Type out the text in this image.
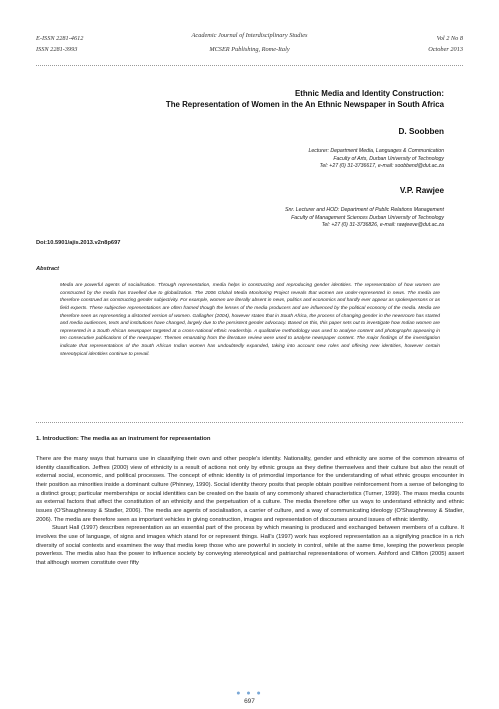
E-ISSN 2281-4612
ISSN 2281-3993
Academic Journal of Interdisciplinary Studies
MCSER Publishing, Rome-Italy
Vol 2 No 8
October 2013
Ethnic Media and Identity Construction:
The Representation of Women in the An Ethnic Newspaper in South Africa
D. Soobben
Lecturer: Department Media, Languages & Communication
Faculty of Arts, Durban University of Technology
Tel: +27 (0) 31-3736617, e-mail: soobbend@dut.ac.za
V.P. Rawjee
Snr. Lecturer and HOD: Department of Public Relations Management
Faculty of Management Sciences Durban University of Technology
Tel: +27 (0) 31-3736826, e-mail: rawjeeve@dut.ac.za
Doi:10.5901/ajis.2013.v2n8p697
Abstract
Media are powerful agents of socialisation. Through representation, media helps in constructing and reproducing gender identities. The representation of how women are constructed by the media has travelled due to globalization. The 2006 Global Media Monitoring Project reveals that women are under-represented in news. The media are therefore construed as constructing gender subjectivity. For example, women are literally absent in news, politics and economics and hardly ever appear as spokespersons or as field experts. These subjective representations are often framed though the lenses of the media producers and are influenced by the political economy of the media. Media are therefore seen as representing a distorted version of women. Gallagher (2004), however states that in South Africa, the process of changing gender in the newsroom has started and media audiences, texts and institutions have changed, largely due to the persistent gender advocacy. Based on this, this paper sets out to investigate how Indian women are represented in a South African newspaper targeted at a cross-national ethnic readership. A qualitative methodology was used to analyse content and photographs appearing in ten consecutive publications of the newspaper. Themes emanating from the literature review were used to analyse newspaper content. The major findings of the investigation indicate that representations of the South African Indian women has undoubtedly expanded, taking into account new roles and offering new identities, however certain stereotypical identities continue to prevail.
1. Introduction: The media as an instrument for representation

There are the many ways that humans use in classifying their own and other people's identity. Nationality, gender and ethnicity are some of the common streams of identity classification. Jeffres (2000) view of ethnicity is a result of actions not only by ethnic groups as they define themselves and their culture but also the result of external social, economic, and political processes. The concept of ethnic identity is of primordial importance for the understanding of what ethnic groups encounter in their position as minorities inside a dominant culture (Phinney, 1990). Social identity theory posits that people obtain positive reinforcement from a sense of belonging to a distinct group; particular memberships or social identities can be created on the basis of any commonly shared characteristics (Turner, 1999). The mass media counts as external factors that affect the constitution of an ethnicity and the perpetuation of a culture. The media therefore offer us ways to understand ethnicity and ethnic issues (O'Shaughnessy & Stadler, 2006). The media are agents of socialisation, a carrier of culture, and a way of communicating ideology (O'Shaughnessy & Stadler, 2006). The media are therefore seen as important vehicles in giving construction, images and representation of discourses around issues of ethnic identity.

Stuart Hall (1997) describes representation as an essential part of the process by which meaning is produced and exchanged between members of a culture. It involves the use of language, of signs and images which stand for or represent things. Hall's (1997) work has explored representation as a signifying practice in a rich diversity of social contexts and examines the way that media keep those who are powerful in society in control, while at the same time, keeping the powerless people powerless. The media also has the power to influence society by conveying stereotypical and patriarchal representations of women. Ashford and Clifton (2005) assert that although women constitute over fifty

● ● ●
697
